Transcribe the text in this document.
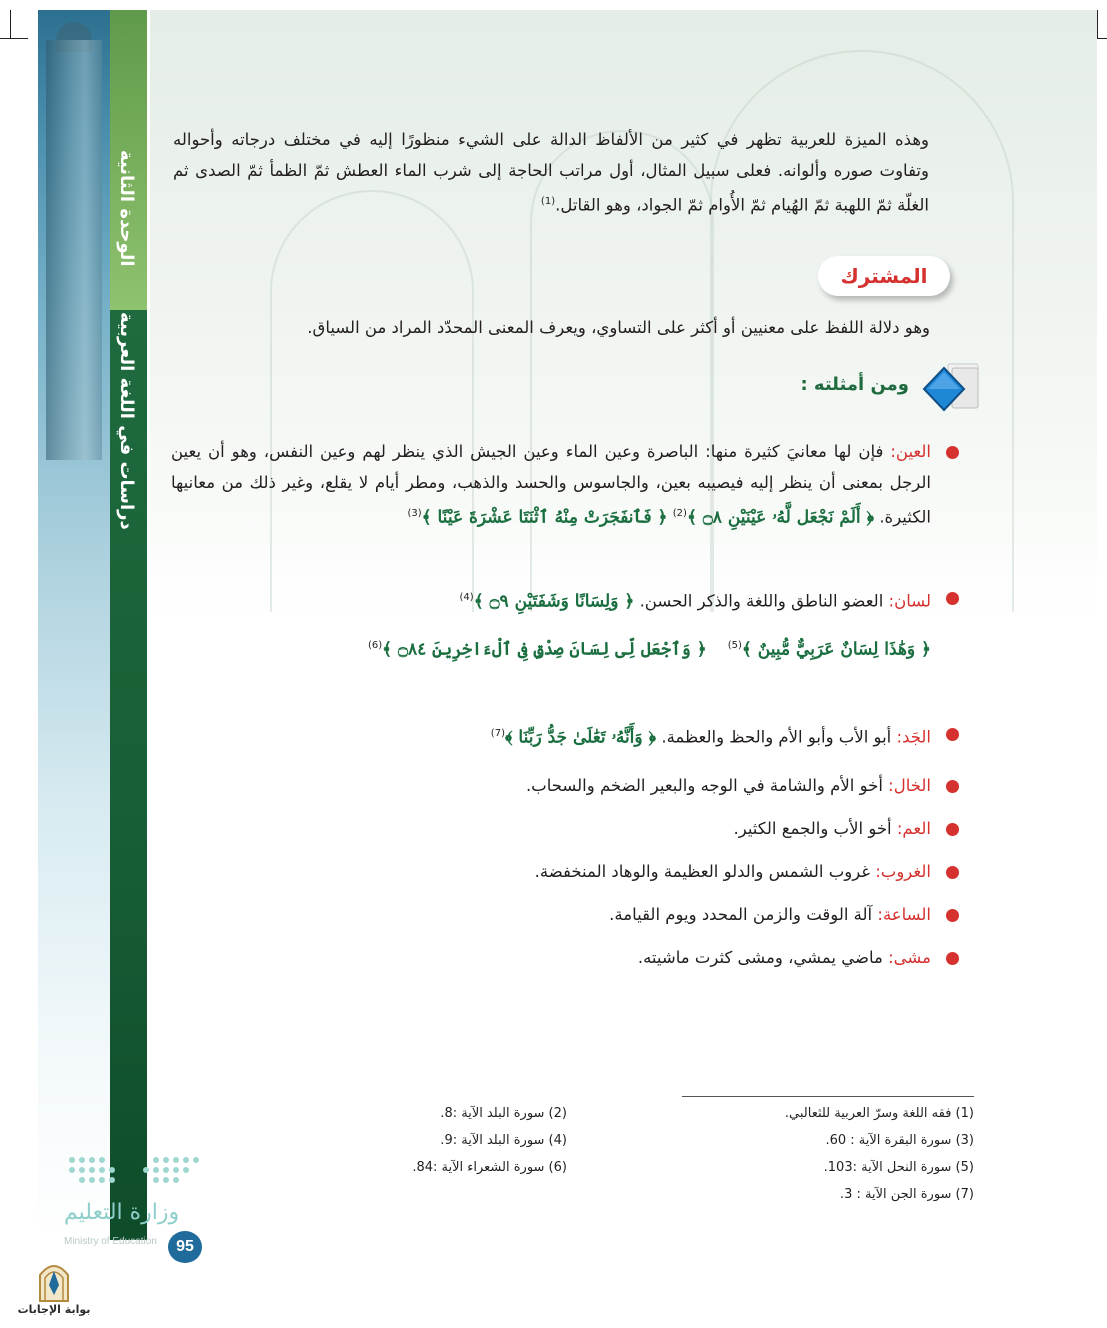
الوحدة الثانية
دراسات في اللغة العربية

وهذه الميزة للعربية تظهر في كثير من الألفاظ الدالة على الشيء منظورًا إليه في مختلف درجاته وأحواله وتفاوت صوره وألوانه. فعلى سبيل المثال، أول مراتب الحاجة إلى شرب الماء العطش ثمّ الظمأ ثمّ الصدى ثم الغلّة ثمّ اللهبة ثمّ الهُيام ثمّ الأُوام ثمّ الجواد، وهو القاتل.$^{(1)}$

المشترك

وهو دلالة اللفظ على معنيين أو أكثر على التساوي، ويعرف المعنى المحدّد المراد من السياق.

ومن أمثلته :
العين: فإن لها معانيَ كثيرة منها: الباصرة وعين الماء وعين الجيش الذي ينظر لهم وعين النفس، وهو أن يعين الرجل بمعنى أن ينظر إليه فيصيبه بعين، والجاسوس والحسد والذهب، ومطر أيام لا يقلع، وغير ذلك من معانيها الكثيرة. ﴿ أَلَمْ نَجْعَل لَّهُۥ عَيْنَيْنِ ۝٨ ﴾$^{(2)}$ ﴿ فَٱنفَجَرَتْ مِنْهُ ٱثْنَتَا عَشْرَةَ عَيْنًا ﴾$^{(3)}$
لسان: العضو الناطق واللغة والذكر الحسن. ﴿ وَلِسَانًا وَشَفَتَيْنِ ۝٩ ﴾$^{(4)}$
﴿ وَهَٰذَا لِسَانٌ عَرَبِيٌّ مُّبِينٌ ﴾$^{(5)}$    ﴿ وَٱجْعَل لِّى لِسَانَ صِدْقٍ فِى ٱلْءَاخِرِينَ ۝٨٤ ﴾$^{(6)}$
الجَد: أبو الأب وأبو الأم والحظ والعظمة. ﴿ وَأَنَّهُۥ تَعَٰلَىٰ جَدُّ رَبِّنَا ﴾$^{(7)}$
الخال: أخو الأم والشامة في الوجه والبعير الضخم والسحاب.
العم: أخو الأب والجمع الكثير.
الغروب: غروب الشمس والدلو العظيمة والوهاد المنخفضة.
الساعة: آلة الوقت والزمن المحدد ويوم القيامة.
مشى: ماضي يمشي، ومشى كثرت ماشيته.
(1) فقه اللغة وسرّ العربية للثعالبي.
(3) سورة البقرة الآية : 60.
(5) سورة النحل الآية :103.
(7) سورة الجن الآية : 3.
(2) سورة البلد الآية :8.
(4) سورة البلد الآية :9.
(6) سورة الشعراء الآية :84.
وزارة التعليم
Ministry of Education	95
بوابة الإجابات
